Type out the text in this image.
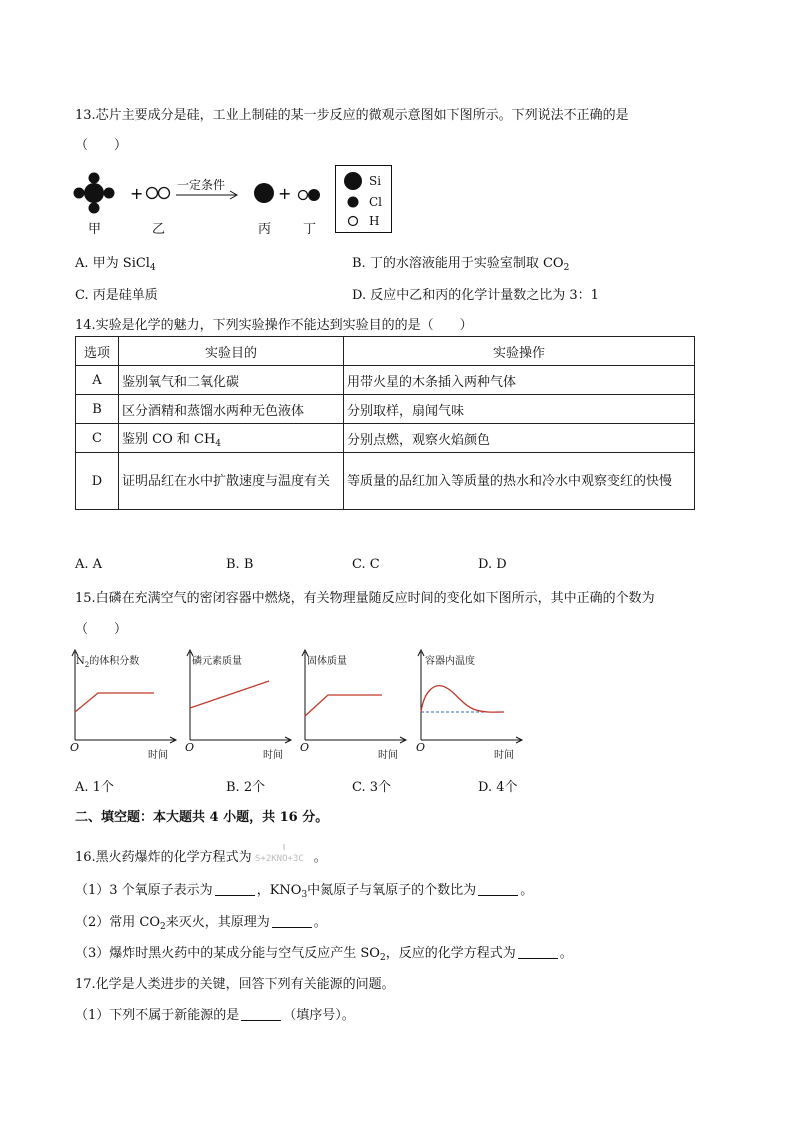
13.芯片主要成分是硅，工业上制硅的某一步反应的微观示意图如下图所示。下列说法不正确的是
（　　）
+	+
一定条件
甲	乙	丙 丁
Si
Cl
H
A. 甲为 SiCl$_4$	B. 丁的水溶液能用于实验室制取 $CO_2$
C. 丙是硅单质	D. 反应中乙和丙的化学计量数之比为 3：1
14.实验是化学的魅力，下列实验操作不能达到实验目的的是（　　）
选项	实验目的	实验操作
A	鉴别氧气和二氧化碳	用带火星的木条插入两种气体
B	区分酒精和蒸馏水两种无色液体	分别取样，扇闻气味
C	鉴别 CO 和 $CH_4$	分别点燃，观察火焰颜色
D	证明品红在水中扩散速度与温度有关	等质量的品红加入等质量的热水和冷水中观察变红的快慢
A. A	B. B	C. C	D. D
15.白磷在充满空气的密闭容器中燃烧，有关物理量随反应时间的变化如下图所示，其中正确的个数为
（　　）
$N_2$的体积分数
O
时间
磷元素质量
O
时间
固体质量
O
时间
容器内温度
O
时间
A. 1个	B. 2个	C. 3个	D. 4个
二、填空题：本大题共 4 小题，共 16 分。
16.黑火药爆炸的化学方程式为 S+2KNO+3C 。
（1）3 个氧原子表示为	，$KNO_3$中氮原子与氧原子的个数比为	。
（2）常用 $CO_2$来灭火，其原理为	。
（3）爆炸时黑火药中的某成分能与空气反应产生 $SO_2$，反应的化学方程式为	。
17.化学是人类进步的关键，回答下列有关能源的问题。
（1）下列不属于新能源的是	（填序号）。
